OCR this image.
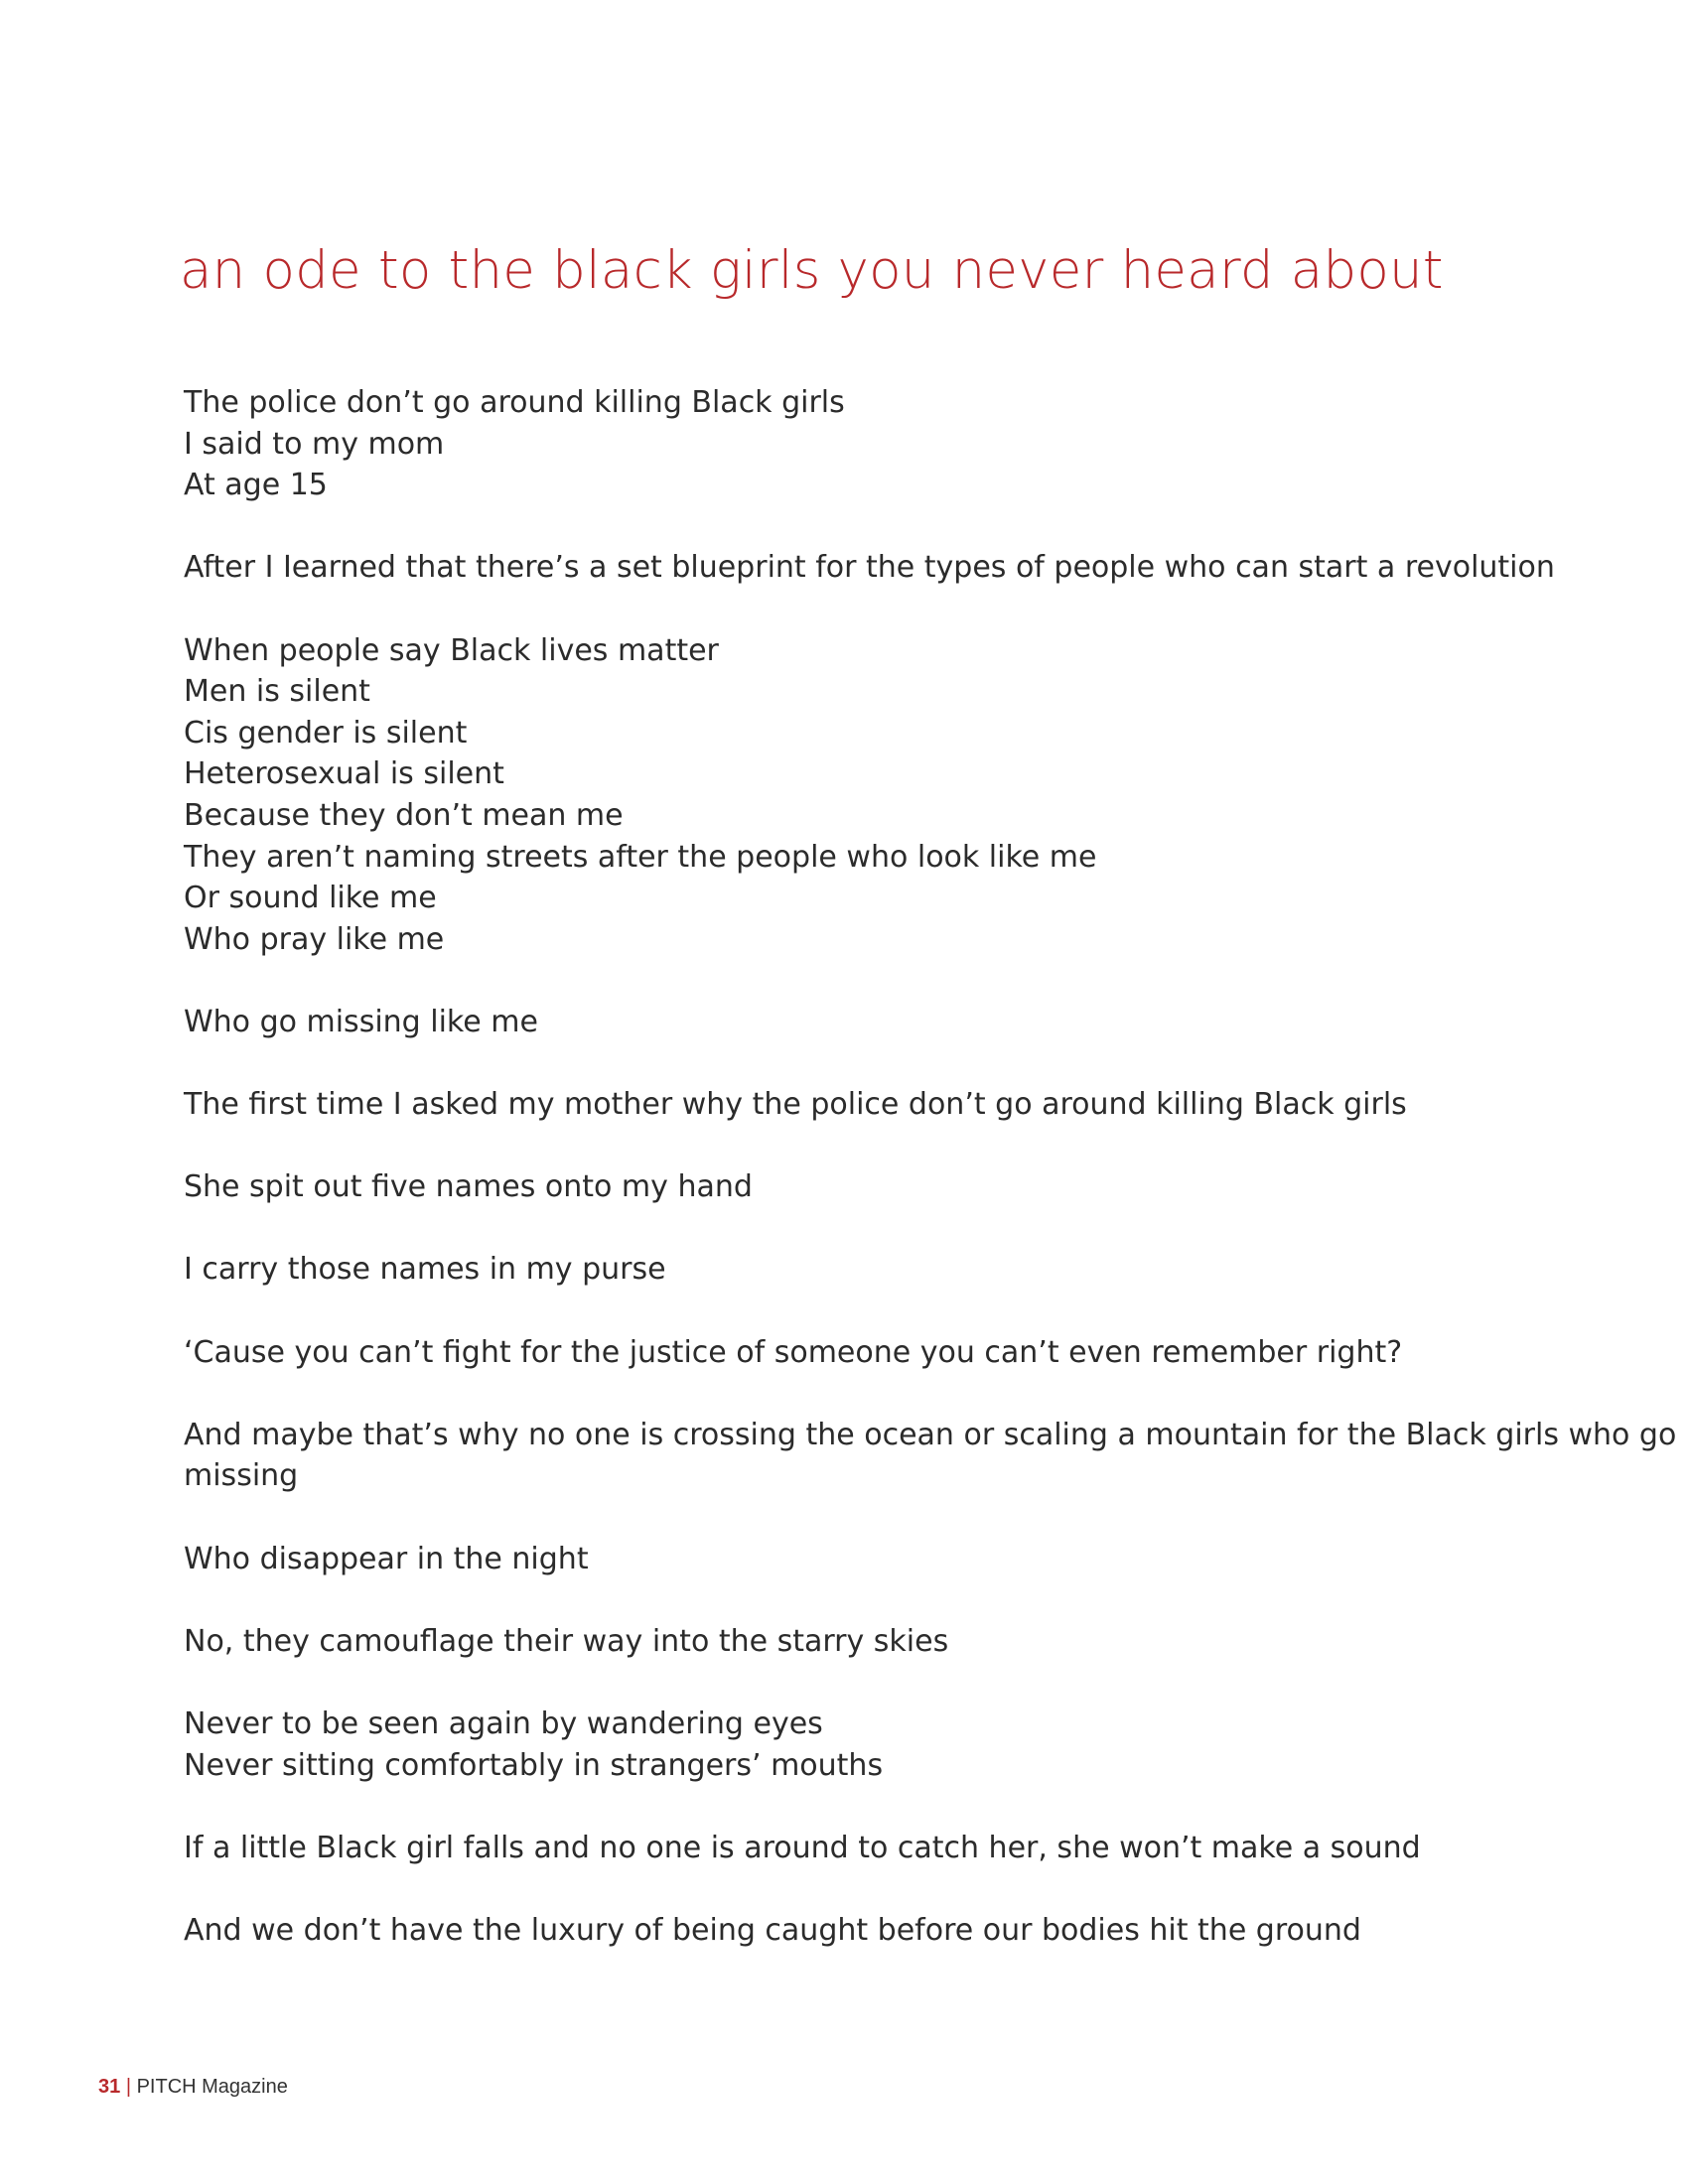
an ode to the black girls you never heard about
The police don’t go around killing Black girls
I said to my mom
At age 15
After I Iearned that there’s a set blueprint for the types of people who can start a revolution
When people say Black lives matter
Men is silent
Cis gender is silent
Heterosexual is silent
Because they don’t mean me
They aren’t naming streets after the people who look like me
Or sound like me
Who pray like me
Who go missing like me
The first time I asked my mother why the police don’t go around killing Black girls
She spit out five names onto my hand
I carry those names in my purse
‘Cause you can’t fight for the justice of someone you can’t even remember right?
And maybe that’s why no one is crossing the ocean or scaling a mountain for the Black girls who go
missing
Who disappear in the night
No, they camouflage their way into the starry skies
Never to be seen again by wandering eyes
Never sitting comfortably in strangers’ mouths
If a little Black girl falls and no one is around to catch her, she won’t make a sound
And we don’t have the luxury of being caught before our bodies hit the ground
31 | PITCH Magazine
